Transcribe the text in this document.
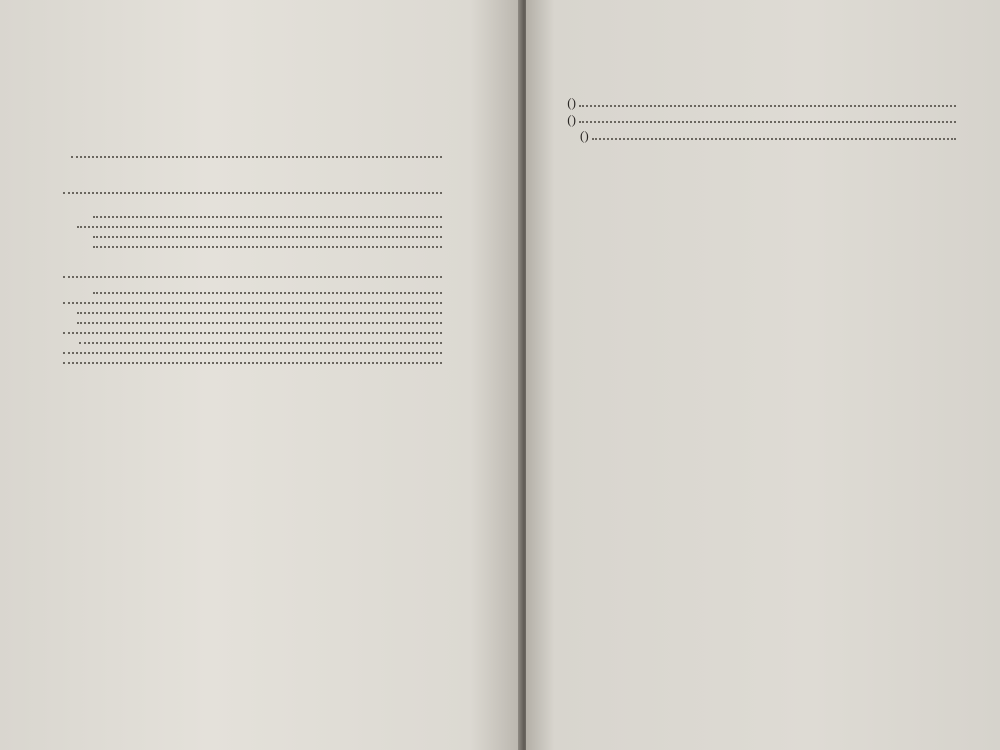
( )
( )
( )
